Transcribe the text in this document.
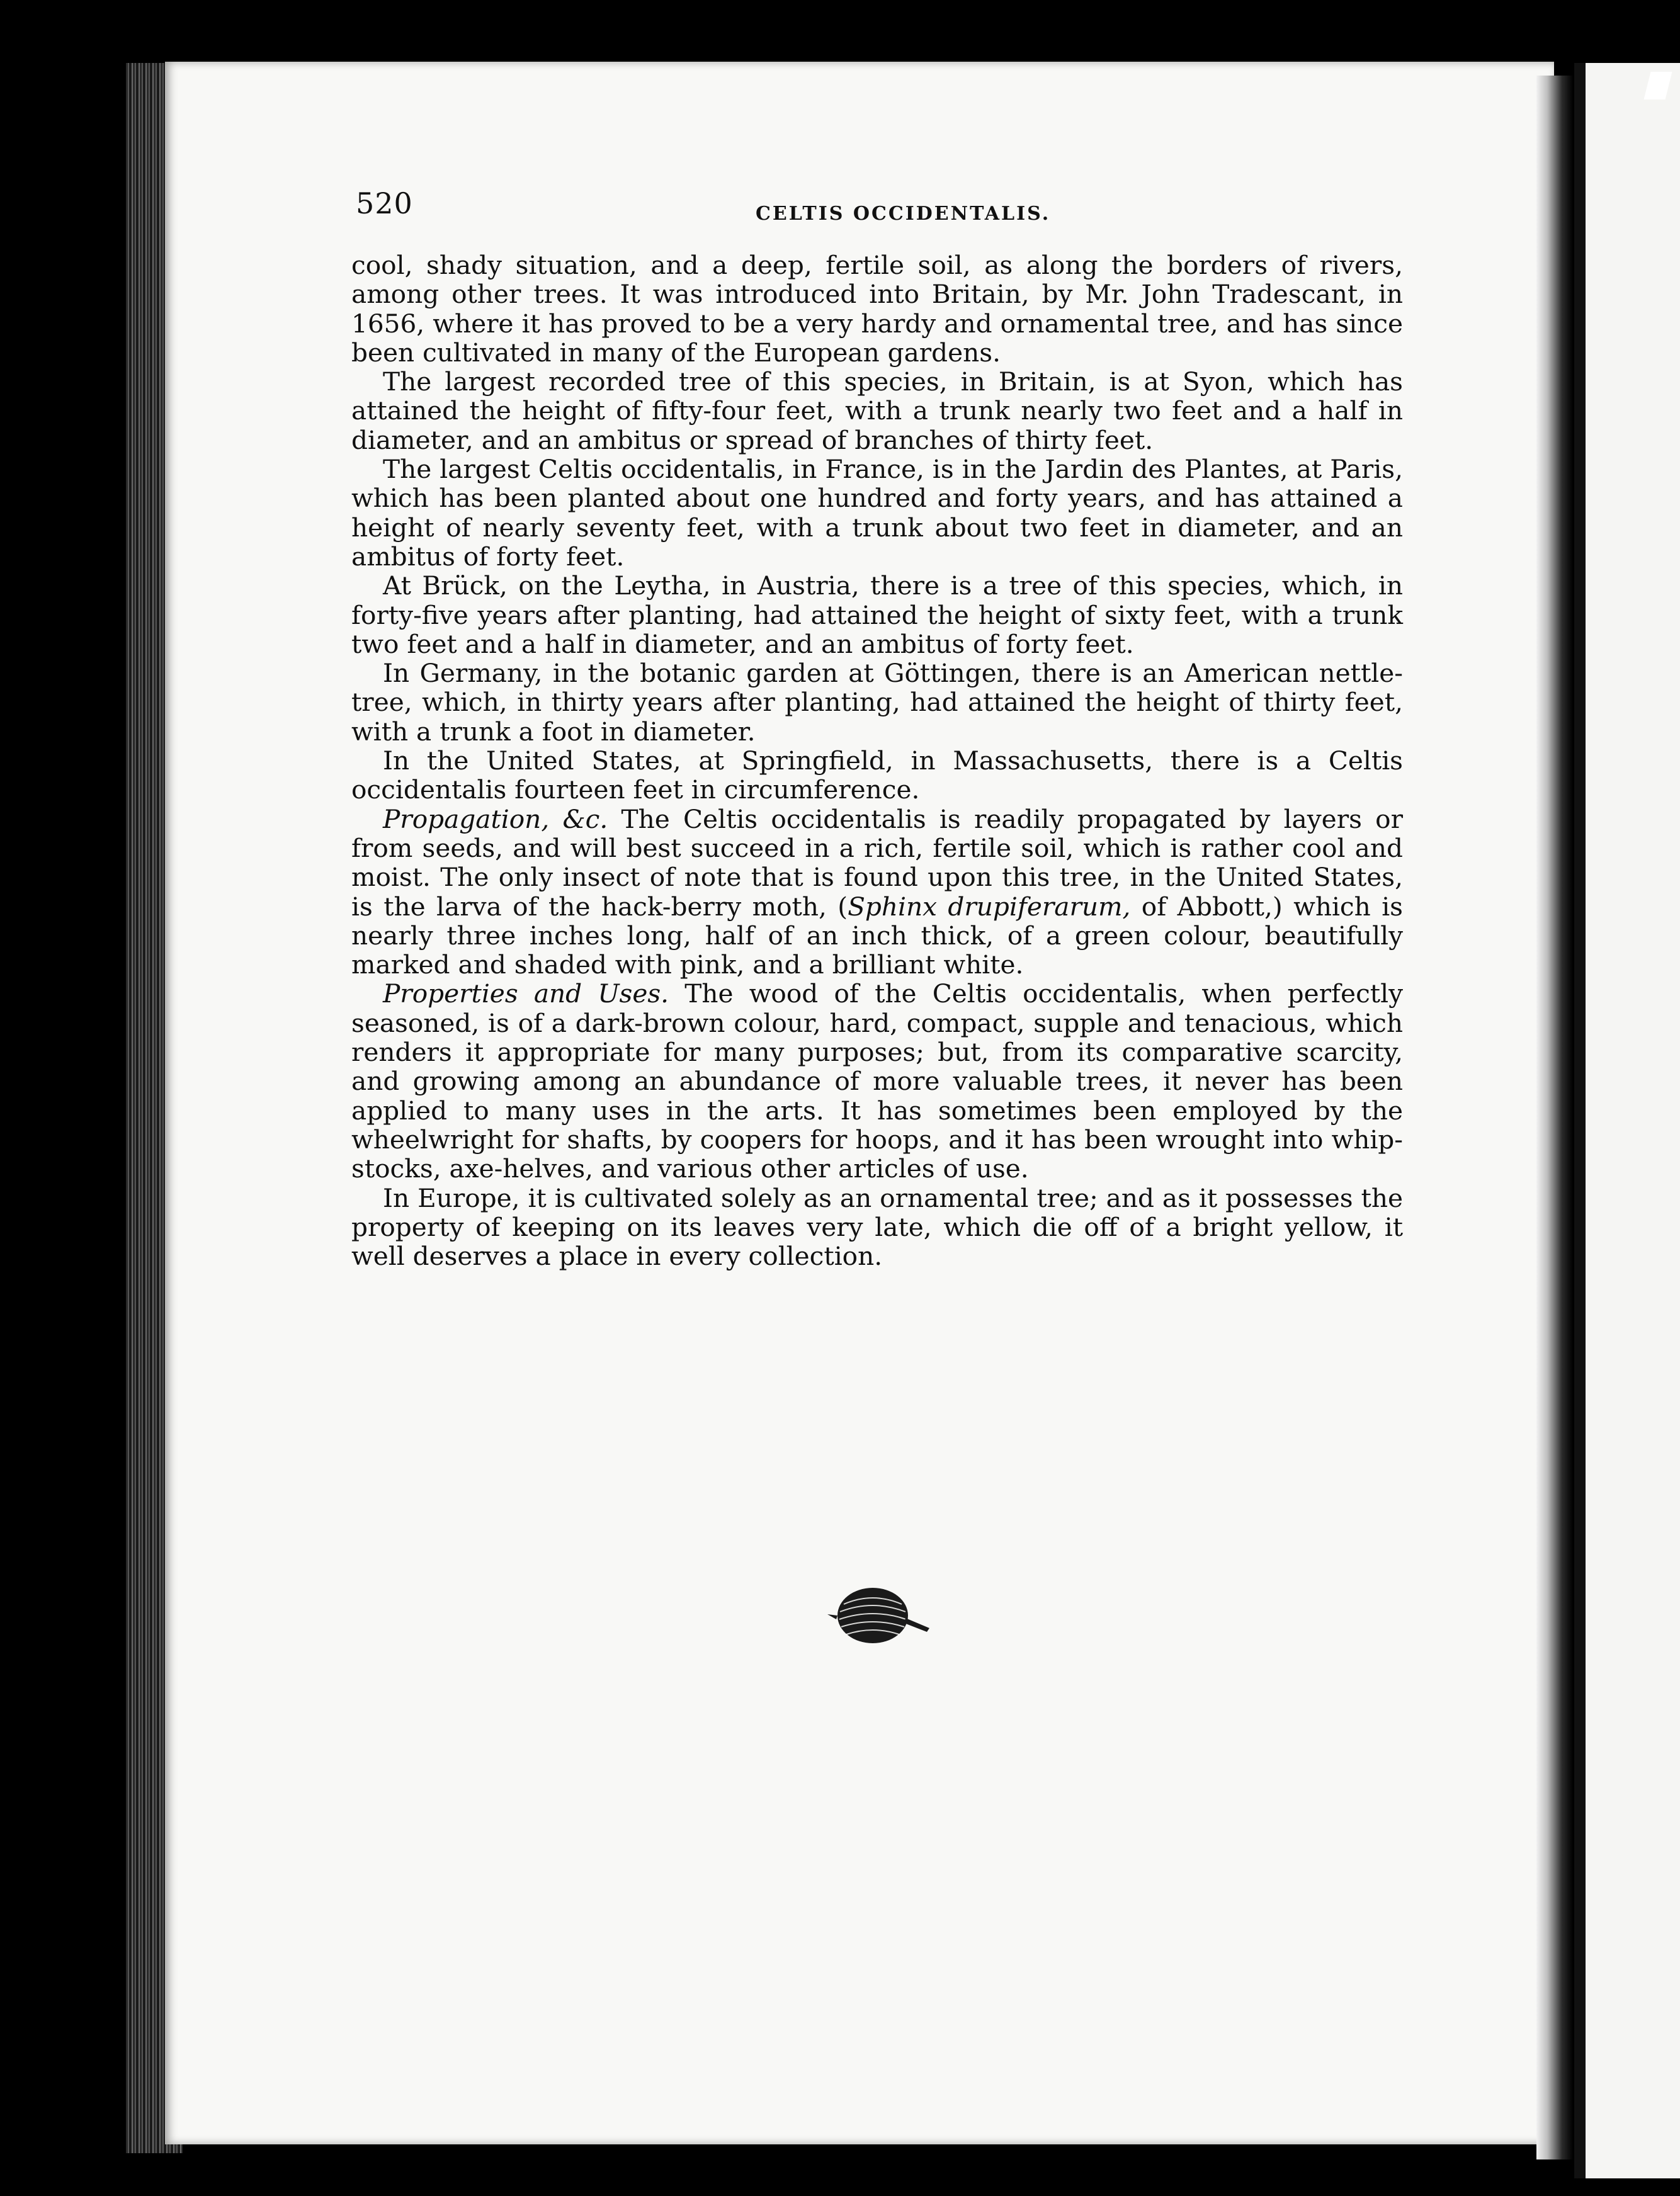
520	CELTIS OCCIDENTALIS.

cool, shady situation, and a deep, fertile soil, as along the borders of rivers, among other trees. It was introduced into Britain, by Mr. John Tradescant, in 1656, where it has proved to be a very hardy and ornamental tree, and has since been cultivated in many of the European gardens.

The largest recorded tree of this species, in Britain, is at Syon, which has attained the height of fifty-four feet, with a trunk nearly two feet and a half in diameter, and an ambitus or spread of branches of thirty feet.

The largest Celtis occidentalis, in France, is in the Jardin des Plantes, at Paris, which has been planted about one hundred and forty years, and has attained a height of nearly seventy feet, with a trunk about two feet in diameter, and an ambitus of forty feet.

At Brück, on the Leytha, in Austria, there is a tree of this species, which, in forty-five years after planting, had attained the height of sixty feet, with a trunk two feet and a half in diameter, and an ambitus of forty feet.

In Germany, in the botanic garden at Göttingen, there is an American nettle-tree, which, in thirty years after planting, had attained the height of thirty feet, with a trunk a foot in diameter.

In the United States, at Springfield, in Massachusetts, there is a Celtis occidentalis fourteen feet in circumference.

Propagation, &c. The Celtis occidentalis is readily propagated by layers or from seeds, and will best succeed in a rich, fertile soil, which is rather cool and moist. The only insect of note that is found upon this tree, in the United States, is the larva of the hack-berry moth, (Sphinx drupiferarum, of Abbott,) which is nearly three inches long, half of an inch thick, of a green colour, beautifully marked and shaded with pink, and a brilliant white.

Properties and Uses. The wood of the Celtis occidentalis, when perfectly seasoned, is of a dark-brown colour, hard, compact, supple and tenacious, which renders it appropriate for many purposes; but, from its comparative scarcity, and growing among an abundance of more valuable trees, it never has been applied to many uses in the arts. It has sometimes been employed by the wheelwright for shafts, by coopers for hoops, and it has been wrought into whip-stocks, axe-helves, and various other articles of use.

In Europe, it is cultivated solely as an ornamental tree; and as it possesses the property of keeping on its leaves very late, which die off of a bright yellow, it well deserves a place in every collection.
